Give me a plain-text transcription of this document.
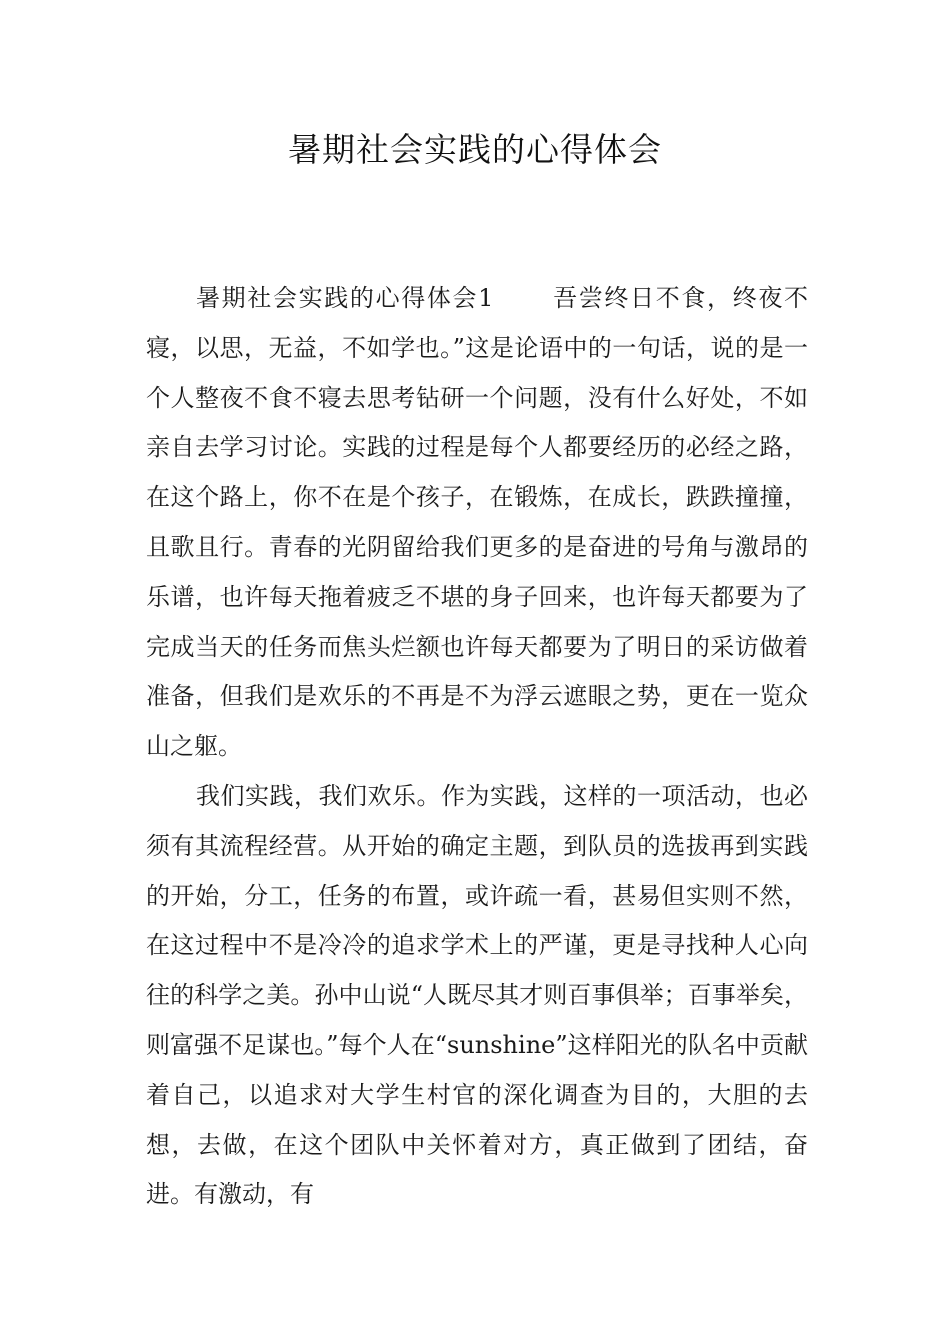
暑期社会实践的心得体会

暑期社会实践的心得体会1 吾尝终日不食，终夜不寝，以思，无益，不如学也。”这是论语中的一句话，说的是一个人整夜不食不寝去思考钻研一个问题，没有什么好处，不如亲自去学习讨论。实践的过程是每个人都要经历的必经之路，在这个路上，你不在是个孩子，在锻炼，在成长，跌跌撞撞，且歌且行。青春的光阴留给我们更多的是奋进的号角与激昂的乐谱，也许每天拖着疲乏不堪的身子回来，也许每天都要为了完成当天的任务而焦头烂额也许每天都要为了明日的采访做着准备，但我们是欢乐的不再是不为浮云遮眼之势，更在一览众山之躯。

我们实践，我们欢乐。作为实践，这样的一项活动，也必须有其流程经营。从开始的确定主题，到队员的选拔再到实践的开始，分工，任务的布置，或许疏一看，甚易但实则不然，在这过程中不是冷冷的追求学术上的严谨，更是寻找种人心向往的科学之美。孙中山说“人既尽其才则百事俱举；百事举矣，则富强不足谋也。”每个人在“sunshine”这样阳光的队名中贡献着自己，以追求对大学生村官的深化调查为目的，大胆的去想，去做，在这个团队中关怀着对方，真正做到了团结，奋进。有激动，有
